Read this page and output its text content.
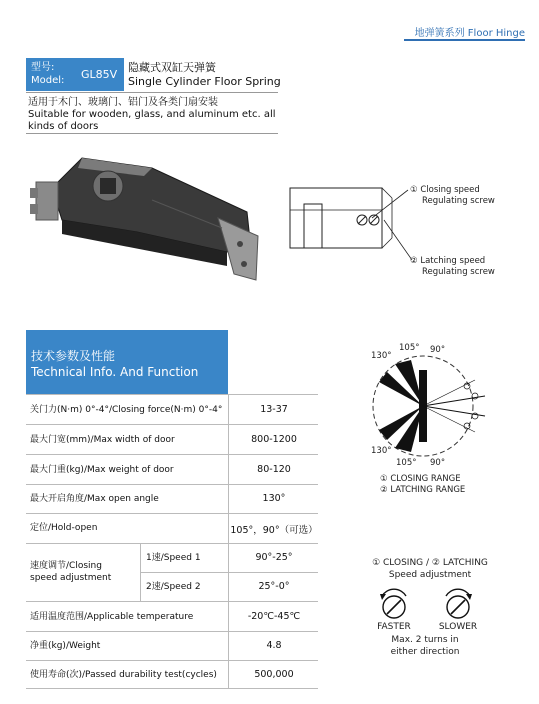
地弹簧系列 Floor Hinge
型号:
Model: GL85V
隐藏式双缸天弹簧
Single Cylinder Floor Spring
适用于木门、玻璃门、铝门及各类门扇安装
Suitable for wooden, glass, and aluminum etc. all kinds of doors
① Closing speed
Regulating screw
② Latching speed
Regulating screw
技术参数及性能
Technical Info. And Function
关门力(N·m) 0°-4°/Closing force(N·m) 0°-4°	13-37
最大门宽(mm)/Max width of door	800-1200
最大门重(kg)/Max weight of door	80-120
最大开启角度/Max open angle	130°
定位/Hold-open	105°，90°（可选）
速度调节/Closing
speed adjustment
1速/Speed 1	90°-25°
2速/Speed 2	25°-0°
适用温度范围/Applicable temperature	-20℃-45℃
净重(kg)/Weight	4.8
使用寿命(次)/Passed durability test(cycles)	500,000
105° 90°
130°
130°
105° 90°
① CLOSING RANGE
② LATCHING RANGE
① CLOSING / ② LATCHING
Speed adjustment
FASTER	SLOWER
Max. 2 turns in
either direction
